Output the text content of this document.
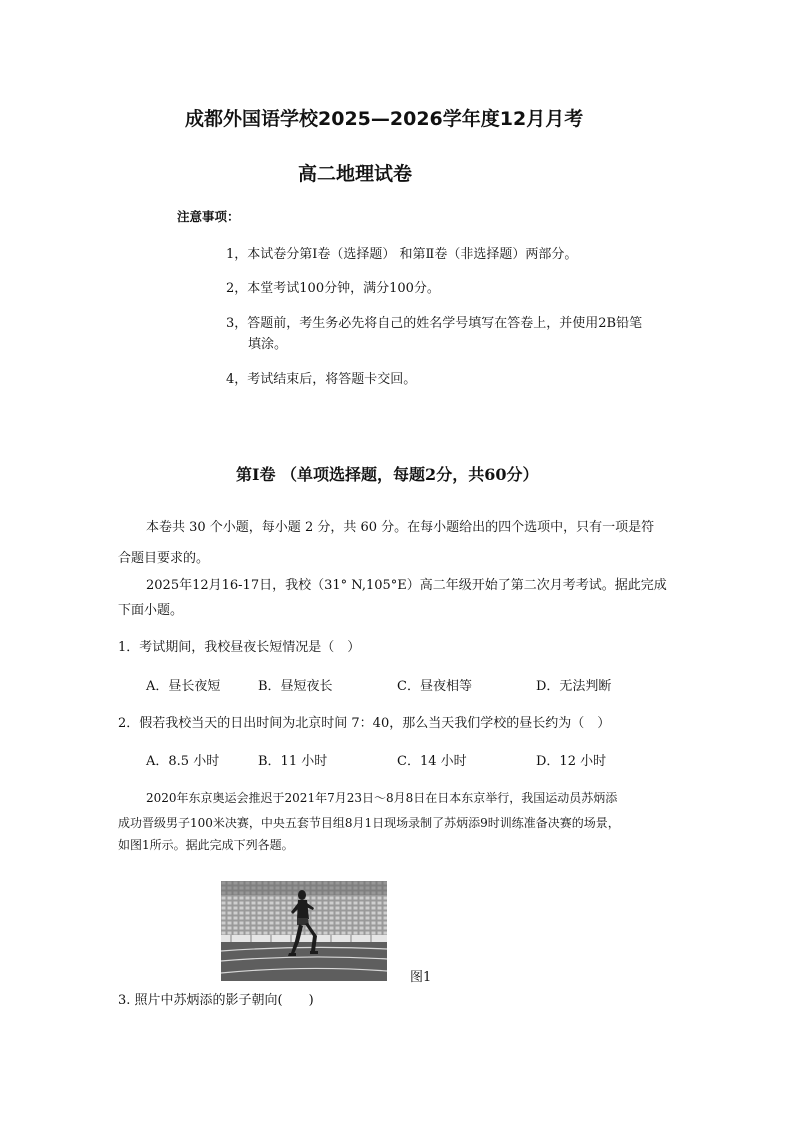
成都外国语学校2025—2026学年度12月月考
高二地理试卷
注意事项：
1，本试卷分第Ⅰ卷（选择题） 和第Ⅱ卷（非选择题）两部分。
2，本堂考试100分钟，满分100分。
3，答题前，考生务必先将自己的姓名学号填写在答卷上，并使用2B铅笔
填涂。
4，考试结束后，将答题卡交回。
第Ⅰ卷 （单项选择题，每题2分，共60分）
本卷共 30 个小题，每小题 2 分，共 60 分。在每小题给出的四个选项中，只有一项是符
合题目要求的。
2025年12月16-17日，我校（31° N,105°E）高二年级开始了第二次月考考试。据此完成
下面小题。
1．考试期间，我校昼夜长短情况是（　）
A．昼长夜短	B．昼短夜长	C．昼夜相等	D．无法判断
2．假若我校当天的日出时间为北京时间 7：40，那么当天我们学校的昼长约为（　）
A．8.5 小时	B．11 小时	C．14 小时	D．12 小时
2020年东京奥运会推迟于2021年7月23日～8月8日在日本东京举行，我国运动员苏炳添
成功晋级男子100米决赛，中央五套节目组8月1日现场录制了苏炳添9时训练准备决赛的场景，
如图1所示。据此完成下列各题。
图1
3. 照片中苏炳添的影子朝向(　　)
